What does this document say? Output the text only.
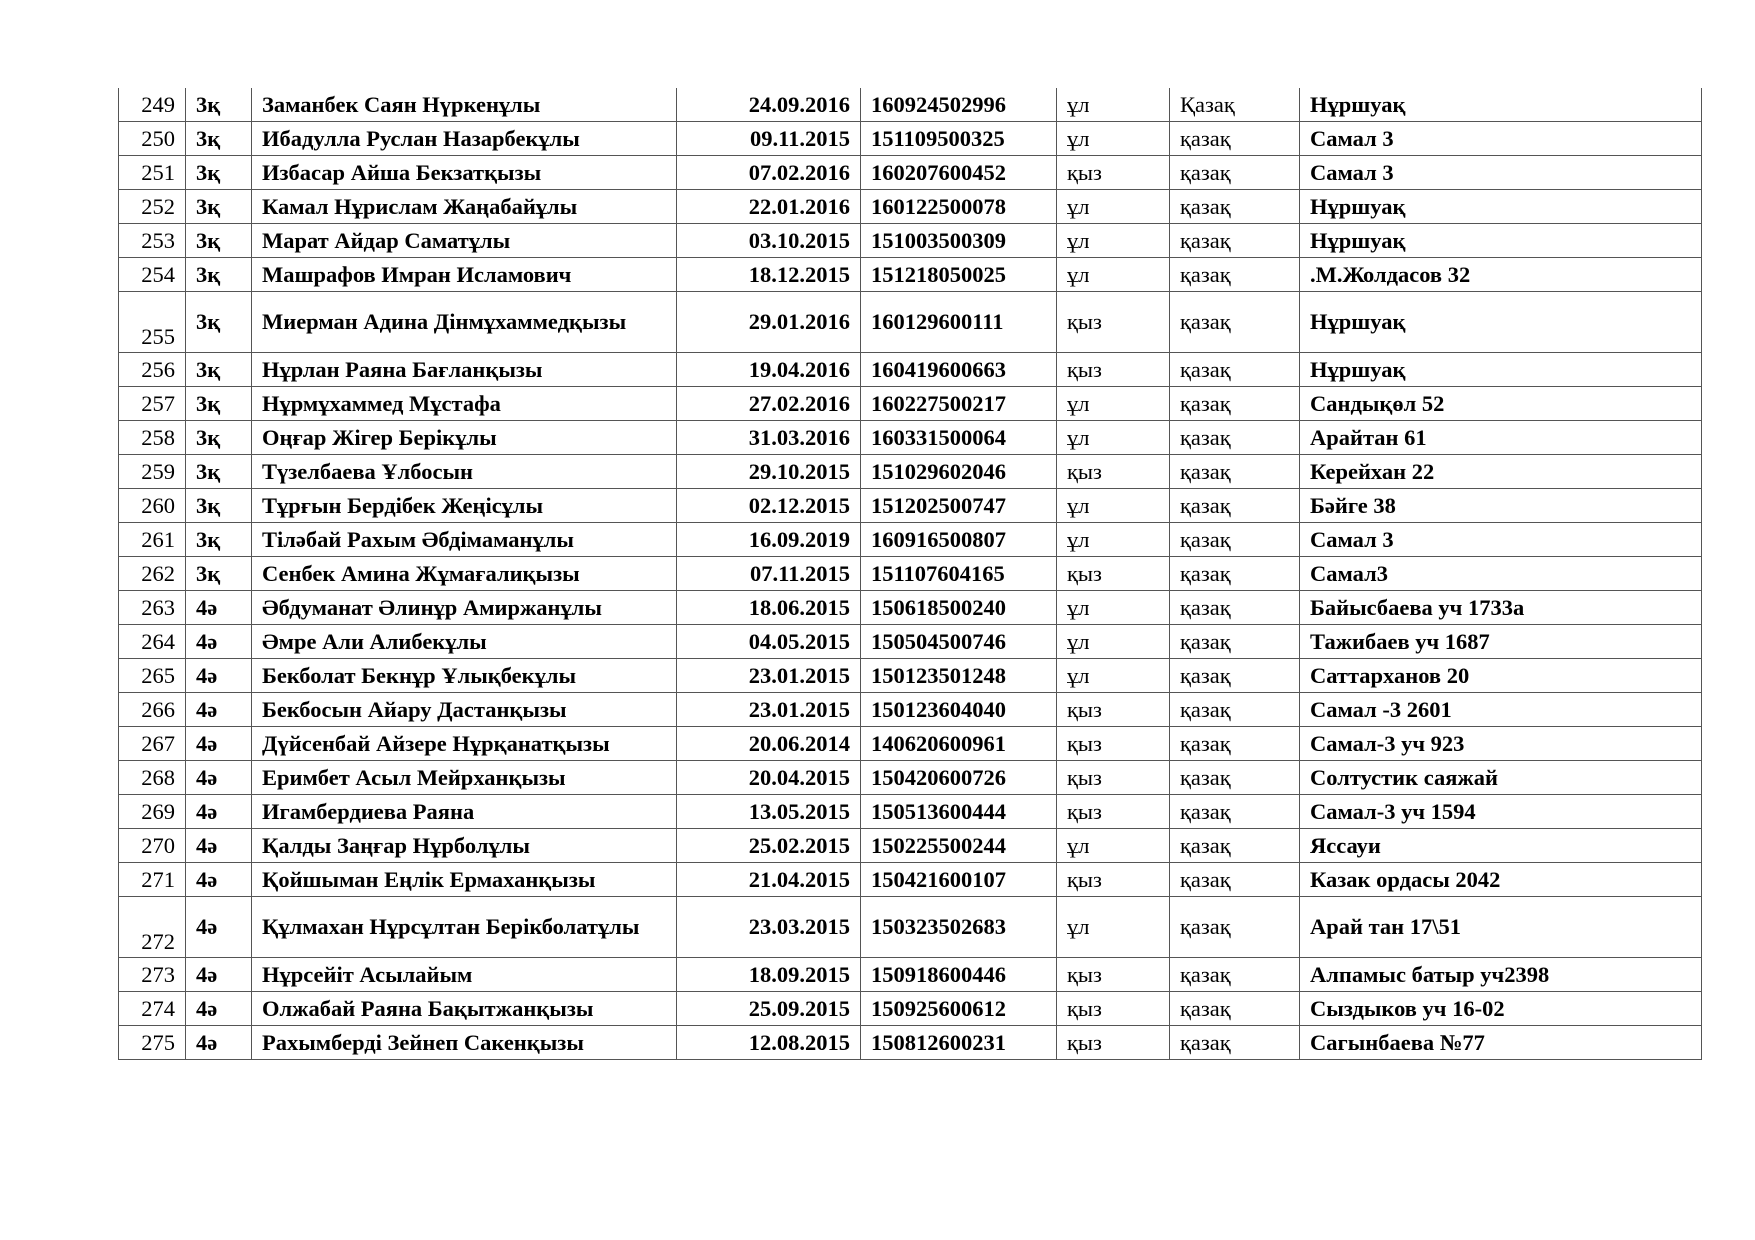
249	3қ	Заманбек Саян Нүркенұлы	24.09.2016	160924502996	ұл	Қазақ	Нұршуақ
250	3қ	Ибадулла Руслан Назарбекұлы	09.11.2015	151109500325	ұл	қазақ	Самал 3
251	3қ	Избасар Айша Бекзатқызы	07.02.2016	160207600452	қыз	қазақ	Самал 3
252	3қ	Камал Нұрислам Жаңабайұлы	22.01.2016	160122500078	ұл	қазақ	Нұршуақ
253	3қ	Марат Айдар Саматұлы	03.10.2015	151003500309	ұл	қазақ	Нұршуақ
254	3қ	Машрафов Имран Исламович	18.12.2015	151218050025	ұл	қазақ	.М.Жолдасов 32
255	3қ	Миерман Адина Дінмұхаммедқызы	29.01.2016	160129600111	қыз	қазақ	Нұршуақ
256	3қ	Нұрлан Раяна Бағланқызы	19.04.2016	160419600663	қыз	қазақ	Нұршуақ
257	3қ	Нұрмұхаммед Мұстафа	27.02.2016	160227500217	ұл	қазақ	Сандықөл 52
258	3қ	Оңғар Жігер Берікұлы	31.03.2016	160331500064	ұл	қазақ	Арайтан 61
259	3қ	Түзелбаева Ұлбосын	29.10.2015	151029602046	қыз	қазақ	Керейхан 22
260	3қ	Тұрғын Бердібек Жеңісұлы	02.12.2015	151202500747	ұл	қазақ	Бәйге 38
261	3қ	Тіләбай Рахым Әбдімаманұлы	16.09.2019	160916500807	ұл	қазақ	Самал 3
262	3қ	Сенбек Амина Жұмағалиқызы	07.11.2015	151107604165	қыз	қазақ	Самал3
263	4ә	Әбдуманат Әлинұр Амиржанұлы	18.06.2015	150618500240	ұл	қазақ	Байысбаева уч 1733а
264	4ә	Әмре Али Алибекұлы	04.05.2015	150504500746	ұл	қазақ	Тажибаев уч 1687
265	4ә	Бекболат Бекнұр Ұлықбекұлы	23.01.2015	150123501248	ұл	қазақ	Саттарханов 20
266	4ә	Бекбосын Айару Дастанқызы	23.01.2015	150123604040	қыз	қазақ	Самал -3 2601
267	4ә	Дүйсенбай Айзере Нұрқанатқызы	20.06.2014	140620600961	қыз	қазақ	Самал-3 уч 923
268	4ә	Еримбет Асыл Мейрханқызы	20.04.2015	150420600726	қыз	қазақ	Солтустик саяжай
269	4ә	Игамбердиева Раяна	13.05.2015	150513600444	қыз	қазақ	Самал-3 уч 1594
270	4ә	Қалды Заңғар Нұрболұлы	25.02.2015	150225500244	ұл	қазақ	Яссауи
271	4ә	Қойшыман Еңлік Ермаханқызы	21.04.2015	150421600107	қыз	қазақ	Казак ордасы 2042
272	4ә	Құлмахан Нұрсұлтан Берікболатұлы	23.03.2015	150323502683	ұл	қазақ	Арай тан 17\51
273	4ә	Нұрсейіт Асылайым	18.09.2015	150918600446	қыз	қазақ	Алпамыс батыр уч2398
274	4ә	Олжабай Раяна Бақытжанқызы	25.09.2015	150925600612	қыз	қазақ	Сыздыков уч 16-02
275	4ә	Рахымберді Зейнеп Сакенқызы	12.08.2015	150812600231	қыз	қазақ	Сагынбаева №77
